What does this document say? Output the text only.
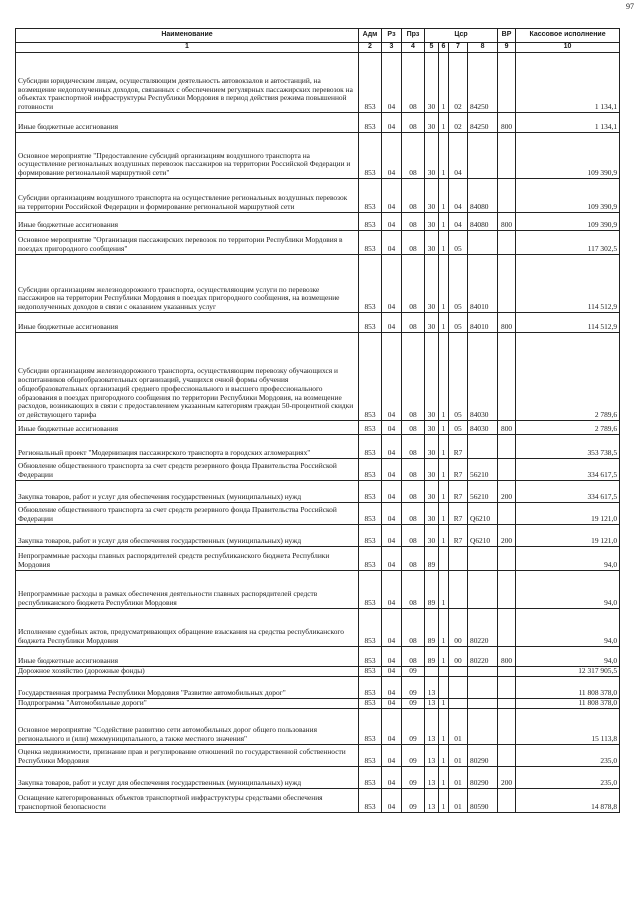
97
Наименование	Адм	Рз	Прз	Цср				ВР	Кассовое исполнение
1	2	3	4	5	6	7	8	9	10
Субсидии юридическим лицам, осуществляющим деятельность автовокзалов и автостанций, на возмещение недополученных доходов, связанных с обеспечением регулярных пассажирских перевозок на объектах транспортной инфраструктуры Республики Мордовия в период действия режима повышенной готовности	853	04	08	30	1	02	84250		1 134,1
Иные бюджетные ассигнования	853	04	08	30	1	02	84250	800	1 134,1
Основное мероприятие "Предоставление субсидий организациям воздушного транспорта на осуществление региональных воздушных перевозок пассажиров на территории Российской Федерации и формирование региональной маршрутной сети"	853	04	08	30	1	04			109 390,9
Субсидии организациям воздушного транспорта на осуществление региональных воздушных перевозок на территории Российской Федерации и формирование региональной маршрутной сети	853	04	08	30	1	04	84080		109 390,9
Иные бюджетные ассигнования	853	04	08	30	1	04	84080	800	109 390,9
Основное мероприятие "Организация пассажирских перевозок по территории Республики Мордовия в поездах пригородного сообщения"	853	04	08	30	1	05			117 302,5
Субсидии организациям железнодорожного транспорта, осуществляющим услуги по перевозке пассажиров на территории Республики Мордовия в поездах пригородного сообщения, на возмещение недополученных доходов в связи с оказанием указанных услуг	853	04	08	30	1	05	84010		114 512,9
Иные бюджетные ассигнования	853	04	08	30	1	05	84010	800	114 512,9
Субсидии организациям железнодорожного транспорта, осуществляющим перевозку обучающихся и воспитанников общеобразовательных организаций, учащихся очной формы обучения общеобразовательных организаций среднего профессионального и высшего профессионального образования в поездах пригородного сообщения по территории Республики Мордовия, на возмещение расходов, возникающих в связи с предоставлением указанным категориям граждан 50-процентной скидки от действующего тарифа	853	04	08	30	1	05	84030		2 789,6
Иные бюджетные ассигнования	853	04	08	30	1	05	84030	800	2 789,6
Региональный проект "Модернизация пассажирского транспорта в городских агломерациях"	853	04	08	30	1	R7			353 738,5
Обновление общественного транспорта за счет средств резервного фонда Правительства Российской Федерации	853	04	08	30	1	R7	56210		334 617,5
Закупка товаров, работ и услуг для обеспечения государственных (муниципальных) нужд	853	04	08	30	1	R7	56210	200	334 617,5
Обновление общественного транспорта за счет средств резервного фонда Правительства Российской Федерации	853	04	08	30	1	R7	Q6210		19 121,0
Закупка товаров, работ и услуг для обеспечения государственных (муниципальных) нужд	853	04	08	30	1	R7	Q6210	200	19 121,0
Непрограммные расходы главных распорядителей средств республиканского бюджета Республики Мордовия	853	04	08	89					94,0
Непрограммные расходы в рамках обеспечения деятельности главных распорядителей средств республиканского бюджета Республики Мордовия	853	04	08	89	1				94,0
Исполнение судебных актов, предусматривающих обращение взыскания на средства республиканского бюджета Республики Мордовия	853	04	08	89	1	00	80220		94,0
Иные бюджетные ассигнования	853	04	08	89	1	00	80220	800	94,0
Дорожное хозяйство (дорожные фонды)	853	04	09						12 317 905,5
Государственная программа Республики Мордовия "Развитие автомобильных дорог"	853	04	09	13					11 808 378,0
Подпрограмма "Автомобильные дороги"	853	04	09	13	1				11 808 378,0
Основное мероприятие "Содействие развитию сети автомобильных дорог общего пользования регионального и (или) межмуниципального, а также местного значения"	853	04	09	13	1	01			15 113,8
Оценка недвижимости, признание прав и регулирование отношений по государственной собственности Республики Мордовия	853	04	09	13	1	01	80290		235,0
Закупка товаров, работ и услуг для обеспечения государственных (муниципальных) нужд	853	04	09	13	1	01	80290	200	235,0
Оснащение категорированных объектов транспортной инфраструктуры средствами обеспечения транспортной безопасности	853	04	09	13	1	01	80590		14 878,8
